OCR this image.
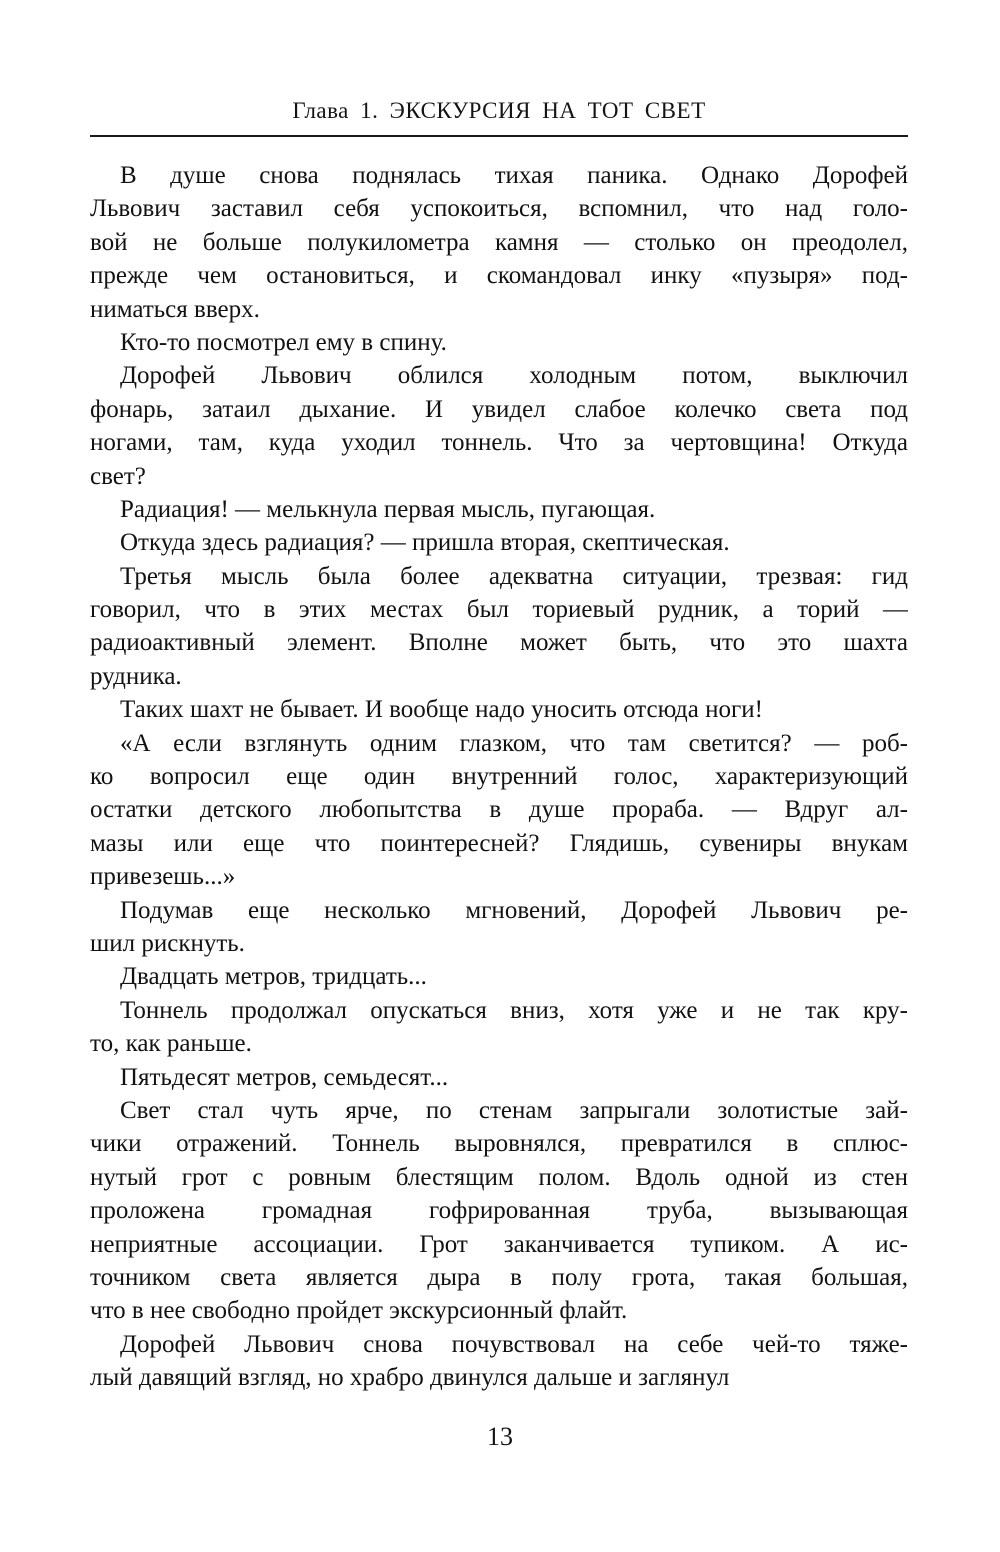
Глава 1. ЭКСКУРСИЯ НА ТОТ СВЕТ
В душе снова поднялась тихая паника. Однако Дорофей
Львович заставил себя успокоиться, вспомнил, что над голо-
вой не больше полукилометра камня — столько он преодолел,
прежде чем остановиться, и скомандовал инку «пузыря» под-
ниматься вверх.
Кто-то посмотрел ему в спину.
Дорофей Львович облился холодным потом, выключил
фонарь, затаил дыхание. И увидел слабое колечко света под
ногами, там, куда уходил тоннель. Что за чертовщина! Откуда
свет?
Радиация! — мелькнула первая мысль, пугающая.
Откуда здесь радиация? — пришла вторая, скептическая.
Третья мысль была более адекватна ситуации, трезвая: гид
говорил, что в этих местах был ториевый рудник, а торий —
радиоактивный элемент. Вполне может быть, что это шахта
рудника.
Таких шахт не бывает. И вообще надо уносить отсюда ноги!
«А если взглянуть одним глазком, что там светится? — роб-
ко вопросил еще один внутренний голос, характеризующий
остатки детского любопытства в душе прораба. — Вдруг ал-
мазы или еще что поинтересней? Глядишь, сувениры внукам
привезешь...»
Подумав еще несколько мгновений, Дорофей Львович ре-
шил рискнуть.
Двадцать метров, тридцать...
Тоннель продолжал опускаться вниз, хотя уже и не так кру-
то, как раньше.
Пятьдесят метров, семьдесят...
Свет стал чуть ярче, по стенам запрыгали золотистые зай-
чики отражений. Тоннель выровнялся, превратился в сплюс-
нутый грот с ровным блестящим полом. Вдоль одной из стен
проложена громадная гофрированная труба, вызывающая
неприятные ассоциации. Грот заканчивается тупиком. А ис-
точником света является дыра в полу грота, такая большая,
что в нее свободно пройдет экскурсионный флайт.
Дорофей Львович снова почувствовал на себе чей-то тяже-
лый давящий взгляд, но храбро двинулся дальше и заглянул
13
